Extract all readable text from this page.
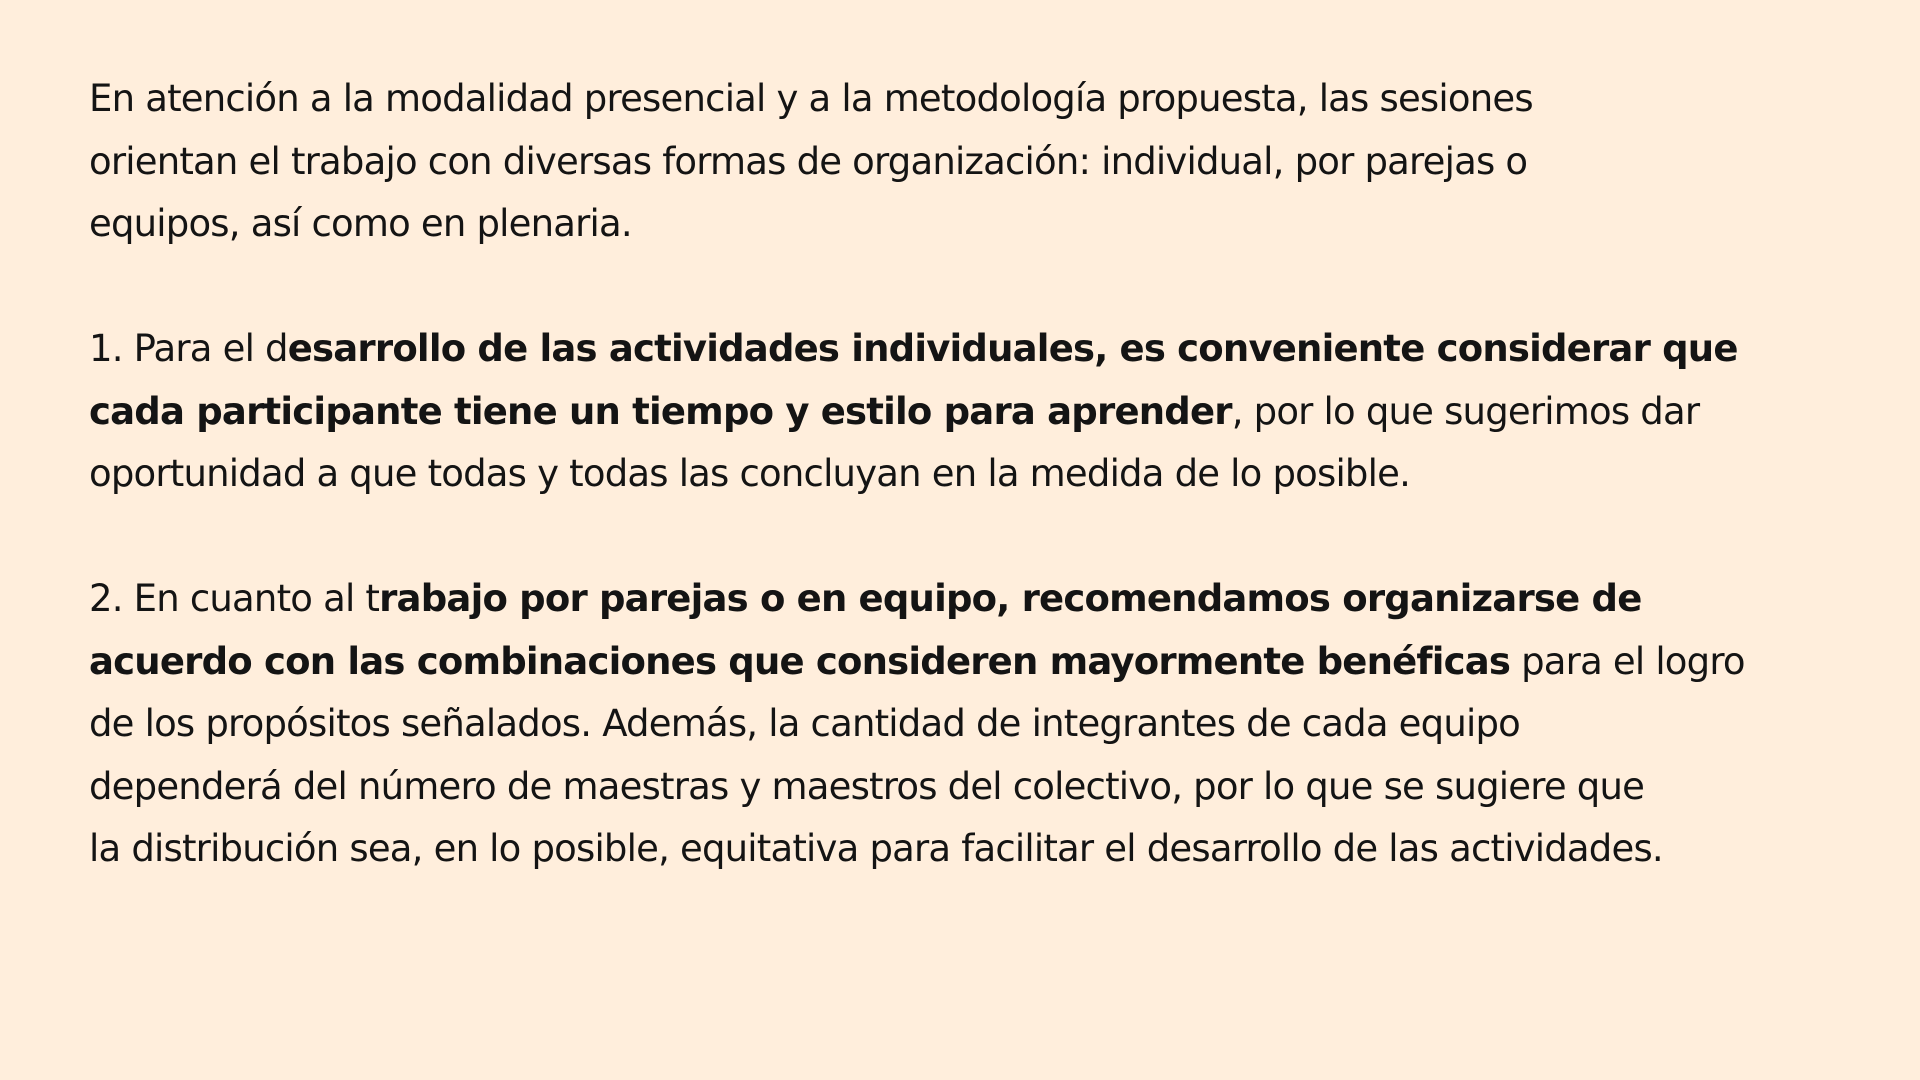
En atención a la modalidad presencial y a la metodología propuesta, las sesiones
orientan el trabajo con diversas formas de organización: individual, por parejas o
equipos, así como en plenaria.
1. Para el desarrollo de las actividades individuales, es conveniente considerar que
cada participante tiene un tiempo y estilo para aprender, por lo que sugerimos dar
oportunidad a que todas y todas las concluyan en la medida de lo posible.
2. En cuanto al trabajo por parejas o en equipo, recomendamos organizarse de
acuerdo con las combinaciones que consideren mayormente benéficas para el logro
de los propósitos señalados. Además, la cantidad de integrantes de cada equipo
dependerá del número de maestras y maestros del colectivo, por lo que se sugiere que
la distribución sea, en lo posible, equitativa para facilitar el desarrollo de las actividades.
